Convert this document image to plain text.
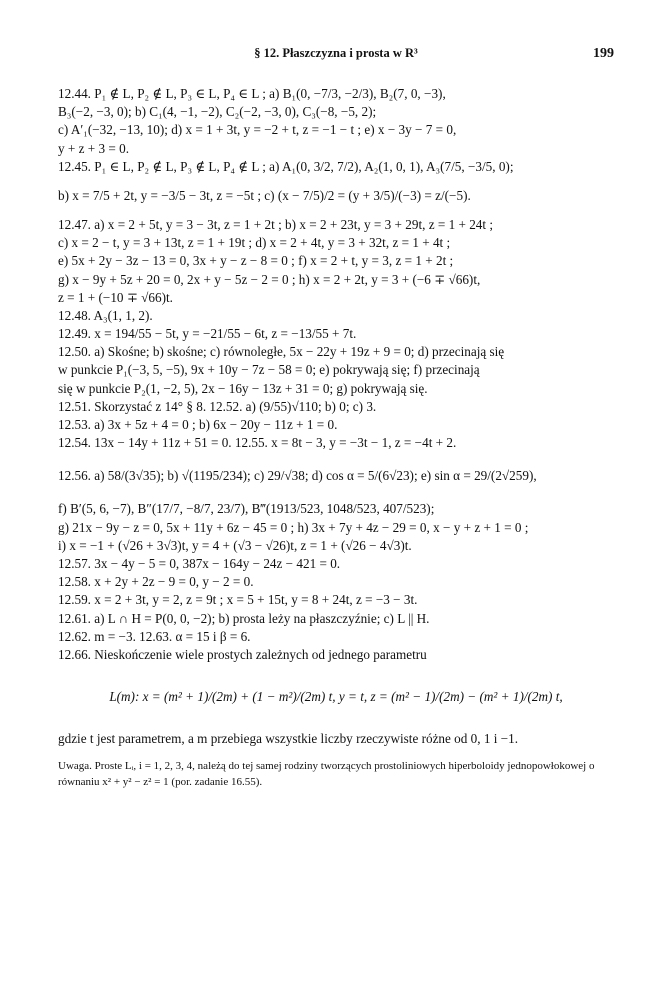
§ 12. Płaszczyzna i prosta w R³	199
12.44. P₁ ∉ L, P₂ ∉ L, P₃ ∈ L, P₄ ∈ L ; a) B₁(0, −7/3, −2/3), B₂(7, 0, −3),
B₃(−2, −3, 0); b) C₁(4, −1, −2), C₂(−2, −3, 0), C₃(−8, −5, 2);
c) A′₁(−32, −13, 10); d) x = 1 + 3t, y = −2 + t, z = −1 − t ; e) x − 3y − 7 = 0,
y + z + 3 = 0.
12.45. P₁ ∈ L, P₂ ∉ L, P₃ ∉ L, P₄ ∉ L ; a) A₁(0, 3/2, 7/2), A₂(1, 0, 1), A₃(7/5, −3/5, 0);
b) x = 7/5 + 2t, y = −3/5 − 3t, z = −5t ; c) (x − 7/5)/2 = (y + 3/5)/(−3) = z/(−5).
12.47. a) x = 2 + 5t, y = 3 − 3t, z = 1 + 2t ; b) x = 2 + 23t, y = 3 + 29t, z = 1 + 24t ;
c) x = 2 − t, y = 3 + 13t, z = 1 + 19t ; d) x = 2 + 4t, y = 3 + 32t, z = 1 + 4t ;
e) 5x + 2y − 3z − 13 = 0, 3x + y − z − 8 = 0 ; f) x = 2 + t, y = 3, z = 1 + 2t ;
g) x − 9y + 5z + 20 = 0, 2x + y − 5z − 2 = 0 ; h) x = 2 + 2t, y = 3 + (−6 ∓ √66)t,
z = 1 + (−10 ∓ √66)t.
12.48. A₃(1, 1, 2).
12.49. x = 194/55 − 5t, y = −21/55 − 6t, z = −13/55 + 7t.
12.50. a) Skośne; b) skośne; c) równoległe, 5x − 22y + 19z + 9 = 0; d) przecinają się
w punkcie P₁(−3, 5, −5), 9x + 10y − 7z − 58 = 0; e) pokrywają się; f) przecinają
się w punkcie P₂(1, −2, 5), 2x − 16y − 13z + 31 = 0; g) pokrywają się.
12.51. Skorzystać z 14° § 8. 12.52. a) (9/55)√110; b) 0; c) 3.
12.53. a) 3x + 5z + 4 = 0 ; b) 6x − 20y − 11z + 1 = 0.
12.54. 13x − 14y + 11z + 51 = 0. 12.55. x = 8t − 3, y = −3t − 1, z = −4t + 2.
12.56. a) 58/(3√35); b) √(1195/234); c) 29/√38; d) cos α = 5/(6√23); e) sin α = 29/(2√259),
f) B′(5, 6, −7), B″(17/7, −8/7, 23/7), B‴(1913/523, 1048/523, 407/523);
g) 21x − 9y − z = 0, 5x + 11y + 6z − 45 = 0 ; h) 3x + 7y + 4z − 29 = 0, x − y + z + 1 = 0 ;
i) x = −1 + (√26 + 3√3)t, y = 4 + (√3 − √26)t, z = 1 + (√26 − 4√3)t.
12.57. 3x − 4y − 5 = 0, 387x − 164y − 24z − 421 = 0.
12.58. x + 2y + 2z − 9 = 0, y − 2 = 0.
12.59. x = 2 + 3t, y = 2, z = 9t ; x = 5 + 15t, y = 8 + 24t, z = −3 − 3t.
12.61. a) L ∩ H = P(0, 0, −2); b) prosta leży na płaszczyźnie; c) L || H.
12.62. m = −3. 12.63. α = 15 i β = 6.
12.66. Nieskończenie wiele prostych zależnych od jednego parametru
L(m): x = (m² + 1)/(2m) + (1 − m²)/(2m) t, y = t, z = (m² − 1)/(2m) − (m² + 1)/(2m) t,
gdzie t jest parametrem, a m przebiega wszystkie liczby rzeczywiste różne od 0, 1 i −1.
Uwaga. Proste Lᵢ, i = 1, 2, 3, 4, należą do tej samej rodziny tworzących prostoliniowych hiperboloidy jednopowłokowej o równaniu x² + y² − z² = 1 (por. zadanie 16.55).
